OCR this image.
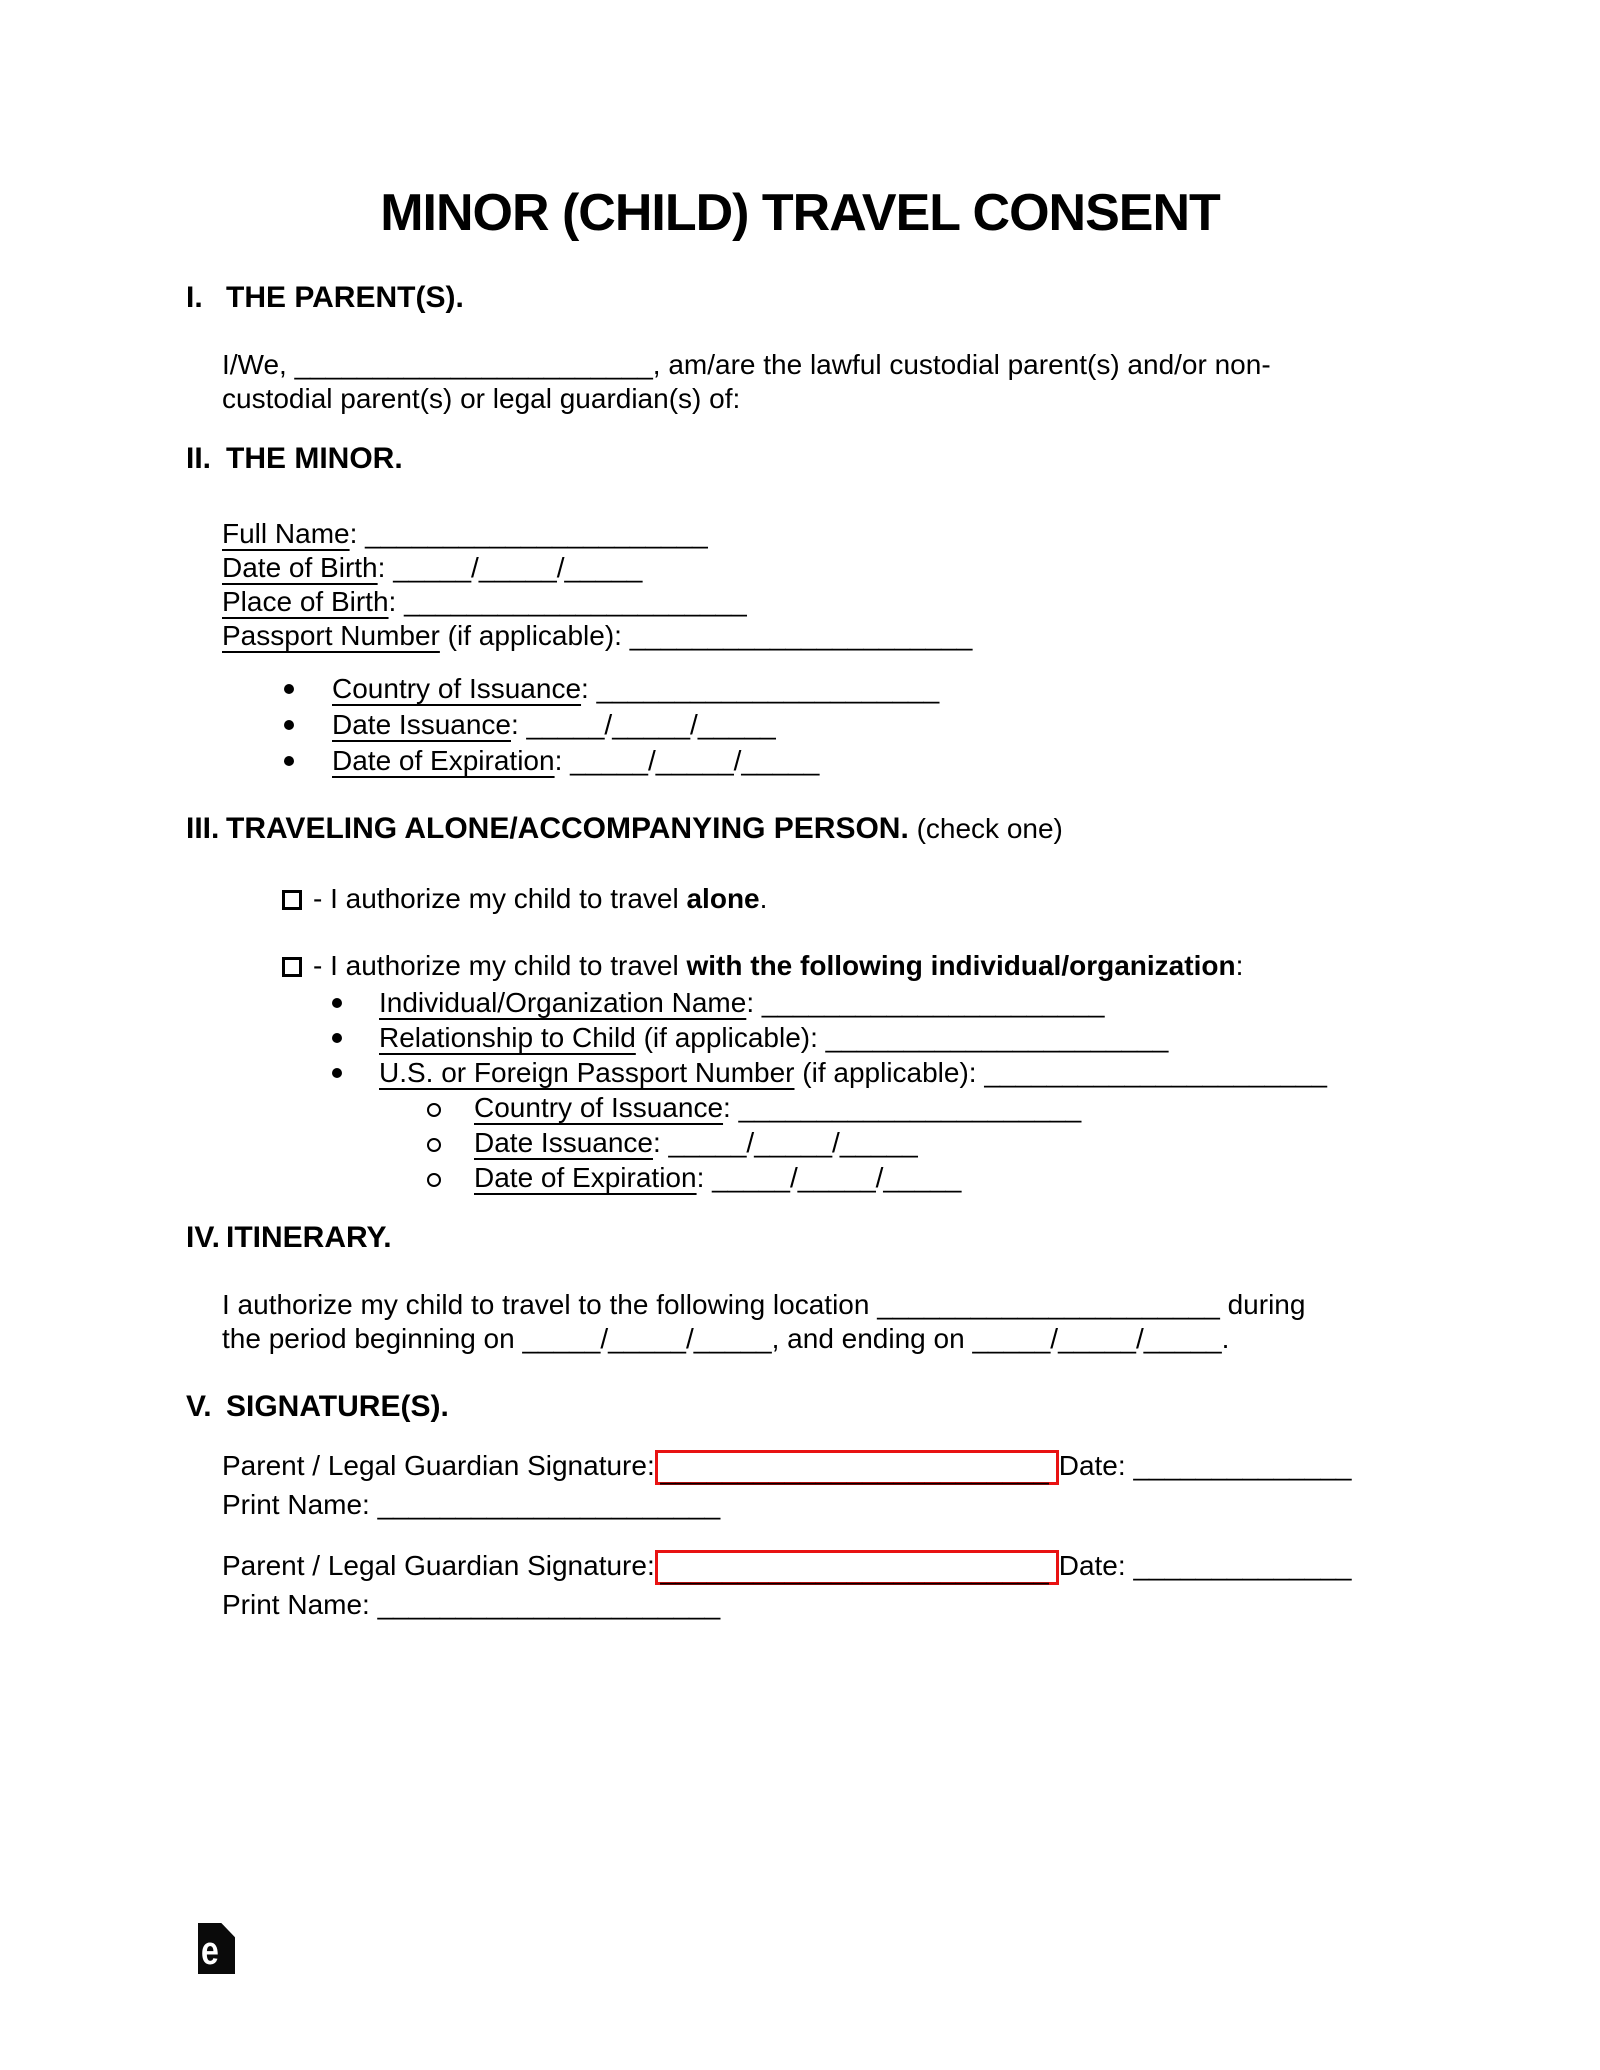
MINOR (CHILD) TRAVEL CONSENT
I. THE PARENT(S).
I/We, _______________________, am/are the lawful custodial parent(s) and/or non-
custodial parent(s) or legal guardian(s) of:
II. THE MINOR.
Full Name: ______________________
Date of Birth: _____/_____/_____
Place of Birth: ______________________
Passport Number (if applicable): ______________________
Country of Issuance: ______________________
Date Issuance: _____/_____/_____
Date of Expiration: _____/_____/_____
III. TRAVELING ALONE/ACCOMPANYING PERSON. (check one)
- I authorize my child to travel alone.
- I authorize my child to travel with the following individual/organization:
Individual/Organization Name: ______________________
Relationship to Child (if applicable): ______________________
U.S. or Foreign Passport Number (if applicable): ______________________
Country of Issuance: ______________________
Date Issuance: _____/_____/_____
Date of Expiration: _____/_____/_____
IV. ITINERARY.
I authorize my child to travel to the following location ______________________ during
the period beginning on _____/_____/_____, and ending on _____/_____/_____.
V. SIGNATURE(S).
Parent / Legal Guardian Signature: _________________________ Date: ______________
Print Name: ______________________
Parent / Legal Guardian Signature: _________________________ Date: ______________
Print Name: ______________________
e
